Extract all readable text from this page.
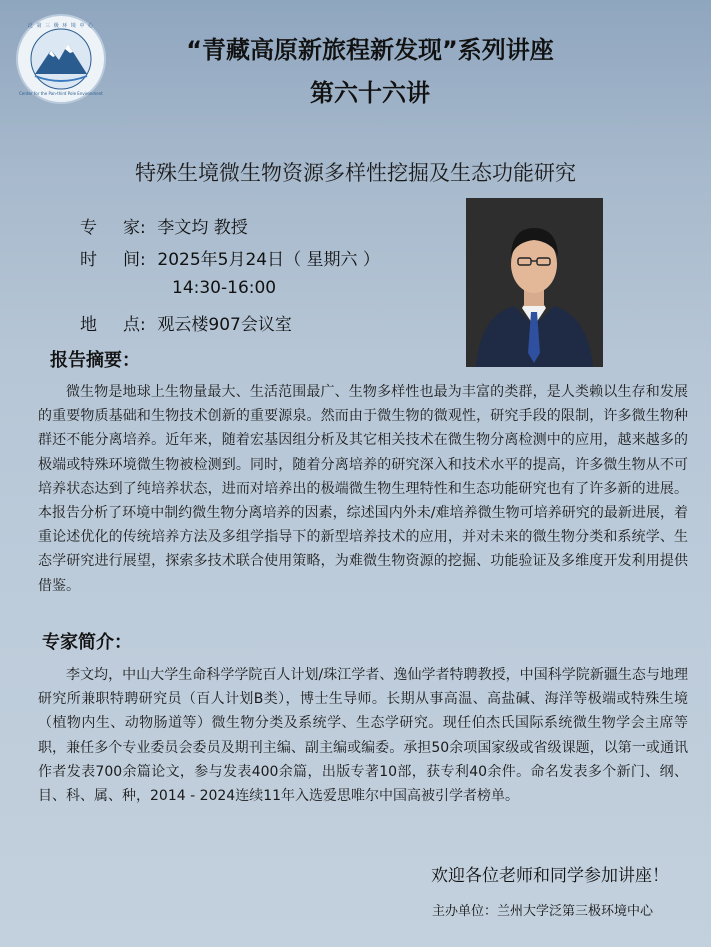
泛 第 三 极 环 境 中 心
Center for the Pan-third Pole Environment
“青藏高原新旅程新发现”系列讲座
第六十六讲
特殊生境微生物资源多样性挖掘及生态功能研究
专 家: 李文均 教授
时 间: 2025年5月24日（ 星期六 ）
14:30-16:00
地 点: 观云楼907会议室
报告摘要：

微生物是地球上生物量最大、生活范围最广、生物多样性也最为丰富的类群，是人类赖以生存和发展的重要物质基础和生物技术创新的重要源泉。然而由于微生物的微观性，研究手段的限制，许多微生物种群还不能分离培养。近年来，随着宏基因组分析及其它相关技术在微生物分离检测中的应用，越来越多的极端或特殊环境微生物被检测到。同时，随着分离培养的研究深入和技术水平的提高，许多微生物从不可培养状态达到了纯培养状态，进而对培养出的极端微生物生理特性和生态功能研究也有了许多新的进展。本报告分析了环境中制约微生物分离培养的因素，综述国内外未/难培养微生物可培养研究的最新进展，着重论述优化的传统培养方法及多组学指导下的新型培养技术的应用，并对未来的微生物分类和系统学、生态学研究进行展望，探索多技术联合使用策略，为难微生物资源的挖掘、功能验证及多维度开发利用提供借鉴。

专家简介：

李文均，中山大学生命科学学院百人计划/珠江学者、逸仙学者特聘教授，中国科学院新疆生态与地理研究所兼职特聘研究员（百人计划B类），博士生导师。长期从事高温、高盐碱、海洋等极端或特殊生境（植物内生、动物肠道等）微生物分类及系统学、生态学研究。现任伯杰氏国际系统微生物学会主席等职，兼任多个专业委员会委员及期刊主编、副主编或编委。承担50余项国家级或省级课题，以第一或通讯作者发表700余篇论文，参与发表400余篇，出版专著10部，获专利40余件。命名发表多个新门、纲、目、科、属、种，2014 - 2024连续11年入选爱思唯尔中国高被引学者榜单。

欢迎各位老师和同学参加讲座！
主办单位：兰州大学泛第三极环境中心
